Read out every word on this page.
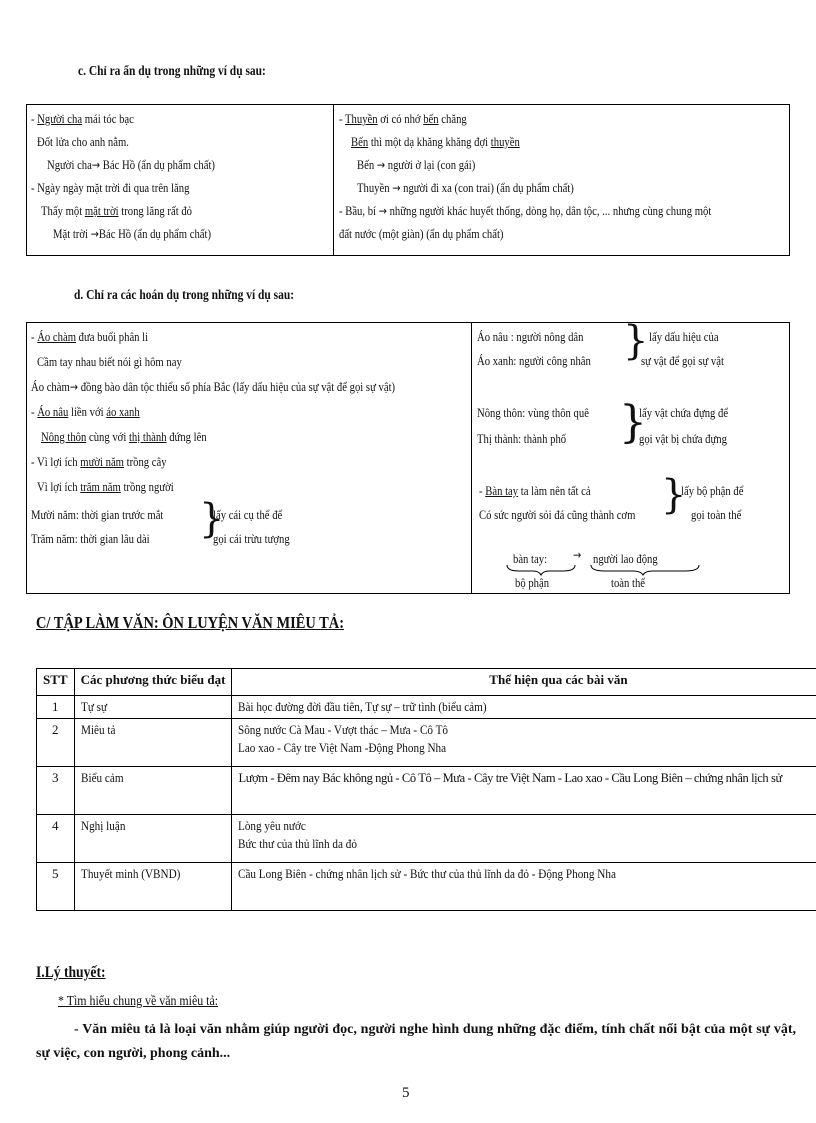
c. Chỉ ra ẩn dụ trong những ví dụ sau:
- Người cha mái tóc bạc
Đốt lửa cho anh nằm.
Người cha→ Bác Hồ (ẩn dụ phẩm chất)
- Ngày ngày mặt trời đi qua trên lăng
Thấy một mặt trời trong lăng rất đỏ
Mặt trời →Bác Hồ (ẩn dụ phẩm chất)
- Thuyền ơi có nhớ bến chăng
Bến thì một dạ khăng khăng đợi thuyền
Bến → người ở lại (con gái)
Thuyền → người đi xa (con trai) (ẩn dụ phẩm chất)
- Bầu, bí → những người khác huyết thống, dòng họ, dân tộc, ... nhưng cùng chung một
đất nước (một giàn) (ẩn dụ phẩm chất)
d. Chỉ ra các hoán dụ trong những ví dụ sau:
- Áo chàm đưa buổi phân li
Cầm tay nhau biết nói gì hôm nay
Áo chàm→ đồng bào dân tộc thiểu số phía Bắc (lấy dấu hiệu của sự vật để gọi sự vật)
- Áo nâu liền với áo xanh
Nông thôn cùng với thị thành đứng lên
- Vì lợi ích mười năm trồng cây
Vì lợi ích trăm năm trồng người
Mười năm: thời gian trước mắt
Trăm năm: thời gian lâu dài }
lấy cái cụ thể để
gọi cái trừu tượng
Áo nâu : người nông dân
Áo xanh: người công nhân } lấy dấu hiệu của
sự vật để gọi sự vật
Nông thôn: vùng thôn quê
Thị thành: thành phố }
lấy vật chứa đựng để
gọi vật bị chứa đựng
- Bàn tay ta làm nên tất cả
Có sức người sỏi đá cũng thành cơm }
lấy bộ phận để
gọi toàn thể
bàn tay: → người lao động
bộ phận	toàn thể
C/ TẬP LÀM VĂN: ÔN LUYỆN VĂN MIÊU TẢ:
STT	Các phương thức biểu đạt	Thể hiện qua các bài văn

1	Tự sự	Bài học đường đời đầu tiên, Tự sự – trữ tình (biểu cảm)

2	Miêu tả	Sông nước Cà Mau - Vượt thác – Mưa - Cô Tô
Lao xao - Cây tre Việt Nam -Động Phong Nha

3	Biểu cảm	Lượm - Đêm nay Bác không ngủ - Cô Tô – Mưa - Cây tre Việt Nam - Lao xao - Cầu Long Biên – chứng nhân lịch sử

4	Nghị luận	Lòng yêu nước
Bức thư của thủ lĩnh da đỏ

5	Thuyết minh (VBND)	Cầu Long Biên - chứng nhân lịch sử - Bức thư của thủ lĩnh da đỏ - Động Phong Nha
I.Lý thuyết:
* Tìm hiểu chung về văn miêu tả:
- Văn miêu tả là loại văn nhằm giúp người đọc, người nghe hình dung những đặc điểm, tính chất nổi bật của một sự vật, sự việc, con người, phong cảnh...
5
